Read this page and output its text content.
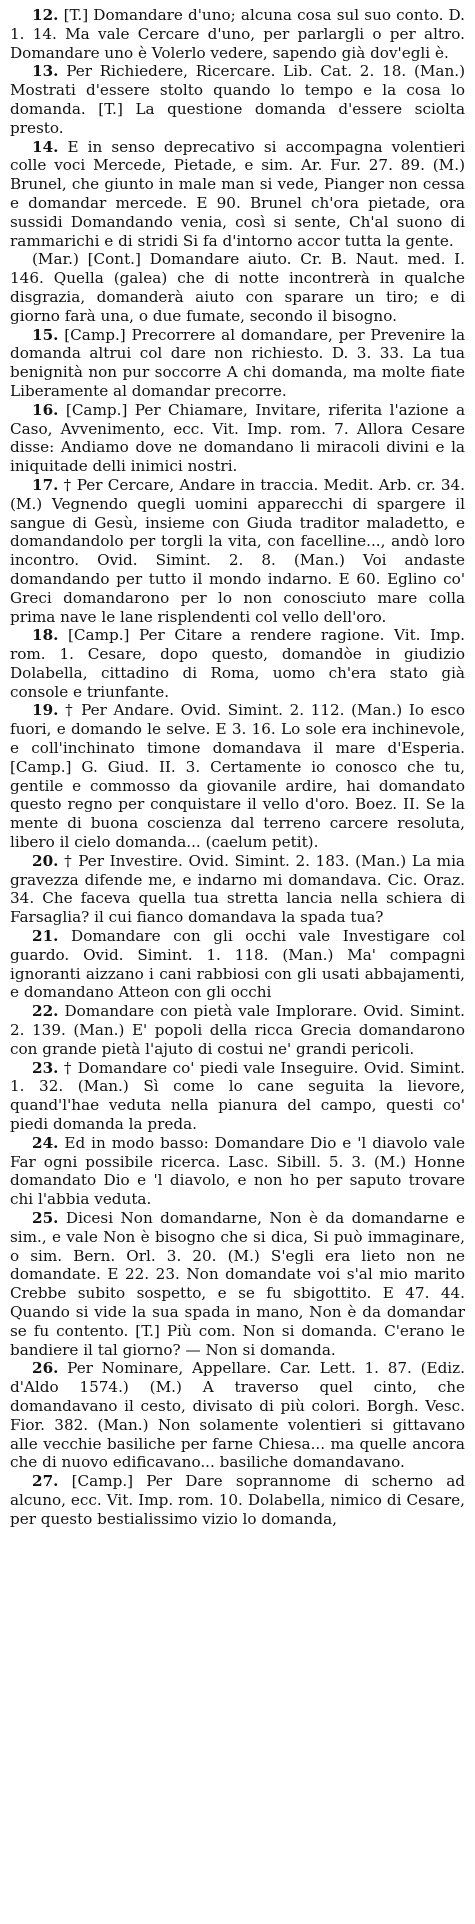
12. [T.] Domandare d'uno; alcuna cosa sul suo conto. D. 1. 14. Ma vale Cercare d'uno, per parlargli o per altro. Domandare uno è Volerlo vedere, sapendo già dov'egli è.

13. Per Richiedere, Ricercare. Lib. Cat. 2. 18. (Man.) Mostrati d'essere stolto quando lo tempo e la cosa lo domanda. [T.] La questione domanda d'essere sciolta presto.

14. E in senso deprecativo si accompagna volentieri colle voci Mercede, Pietade, e sim. Ar. Fur. 27. 89. (M.) Brunel, che giunto in male man si vede, Pianger non cessa e domandar mercede. E 90. Brunel ch'ora pietade, ora sussidi Domandando venia, così si sente, Ch'al suono di rammarichi e di stridi Si fa d'intorno accor tutta la gente.

(Mar.) [Cont.] Domandare aiuto. Cr. B. Naut. med. I. 146. Quella (galea) che di notte incontrerà in qualche disgrazia, domanderà aiuto con sparare un tiro; e di giorno farà una, o due fumate, secondo il bisogno.

15. [Camp.] Precorrere al domandare, per Prevenire la domanda altrui col dare non richiesto. D. 3. 33. La tua benignità non pur soccorre A chi domanda, ma molte fiate Liberamente al domandar precorre.

16. [Camp.] Per Chiamare, Invitare, riferita l'azione a Caso, Avvenimento, ecc. Vit. Imp. rom. 7. Allora Cesare disse: Andiamo dove ne domandano li miracoli divini e la iniquitade delli inimici nostri.

17. † Per Cercare, Andare in traccia. Medit. Arb. cr. 34. (M.) Vegnendo quegli uomini apparecchi di spargere il sangue di Gesù, insieme con Giuda traditor maladetto, e domandandolo per torgli la vita, con facelline..., andò loro incontro. Ovid. Simint. 2. 8. (Man.) Voi andaste domandando per tutto il mondo indarno. E 60. Eglino co' Greci domandarono per lo non conosciuto mare colla prima nave le lane risplendenti col vello dell'oro.

18. [Camp.] Per Citare a rendere ragione. Vit. Imp. rom. 1. Cesare, dopo questo, domandòe in giudizio Dolabella, cittadino di Roma, uomo ch'era stato già console e triunfante.

19. † Per Andare. Ovid. Simint. 2. 112. (Man.) Io esco fuori, e domando le selve. E 3. 16. Lo sole era inchinevole, e coll'inchinato timone domandava il mare d'Esperia. [Camp.] G. Giud. II. 3. Certamente io conosco che tu, gentile e commosso da giovanile ardire, hai domandato questo regno per conquistare il vello d'oro. Boez. II. Se la mente di buona coscienza dal terreno carcere resoluta, libero il cielo domanda... (caelum petit).

20. † Per Investire. Ovid. Simint. 2. 183. (Man.) La mia gravezza difende me, e indarno mi domandava. Cic. Oraz. 34. Che faceva quella tua stretta lancia nella schiera di Farsaglia? il cui fianco domandava la spada tua?

21. Domandare con gli occhi vale Investigare col guardo. Ovid. Simint. 1. 118. (Man.) Ma' compagni ignoranti aizzano i cani rabbiosi con gli usati abbajamenti, e domandano Atteon con gli occhi

22. Domandare con pietà vale Implorare. Ovid. Simint. 2. 139. (Man.) E' popoli della ricca Grecia domandarono con grande pietà l'ajuto di costui ne' grandi pericoli.

23. † Domandare co' piedi vale Inseguire. Ovid. Simint. 1. 32. (Man.) Sì come lo cane seguita la lievore, quand'l'hae veduta nella pianura del campo, questi co' piedi domanda la preda.

24. Ed in modo basso: Domandare Dio e 'l diavolo vale Far ogni possibile ricerca. Lasc. Sibill. 5. 3. (M.) Honne domandato Dio e 'l diavolo, e non ho per saputo trovare chi l'abbia veduta.

25. Dicesi Non domandarne, Non è da domandarne e sim., e vale Non è bisogno che si dica, Si può immaginare, o sim. Bern. Orl. 3. 20. (M.) S'egli era lieto non ne domandate. E 22. 23. Non domandate voi s'al mio marito Crebbe subito sospetto, e se fu sbigottito. E 47. 44. Quando si vide la sua spada in mano, Non è da domandar se fu contento. [T.] Più com. Non si domanda. C'erano le bandiere il tal giorno? — Non si domanda.

26. Per Nominare, Appellare. Car. Lett. 1. 87. (Ediz. d'Aldo 1574.) (M.) A traverso quel cinto, che domandavano il cesto, divisato di più colori. Borgh. Vesc. Fior. 382. (Man.) Non solamente volentieri si gittavano alle vecchie basiliche per farne Chiesa... ma quelle ancora che di nuovo edificavano... basiliche domandavano.

27. [Camp.] Per Dare soprannome di scherno ad alcuno, ecc. Vit. Imp. rom. 10. Dolabella, nimico di Cesare, per questo bestialissimo vizio lo domanda,
